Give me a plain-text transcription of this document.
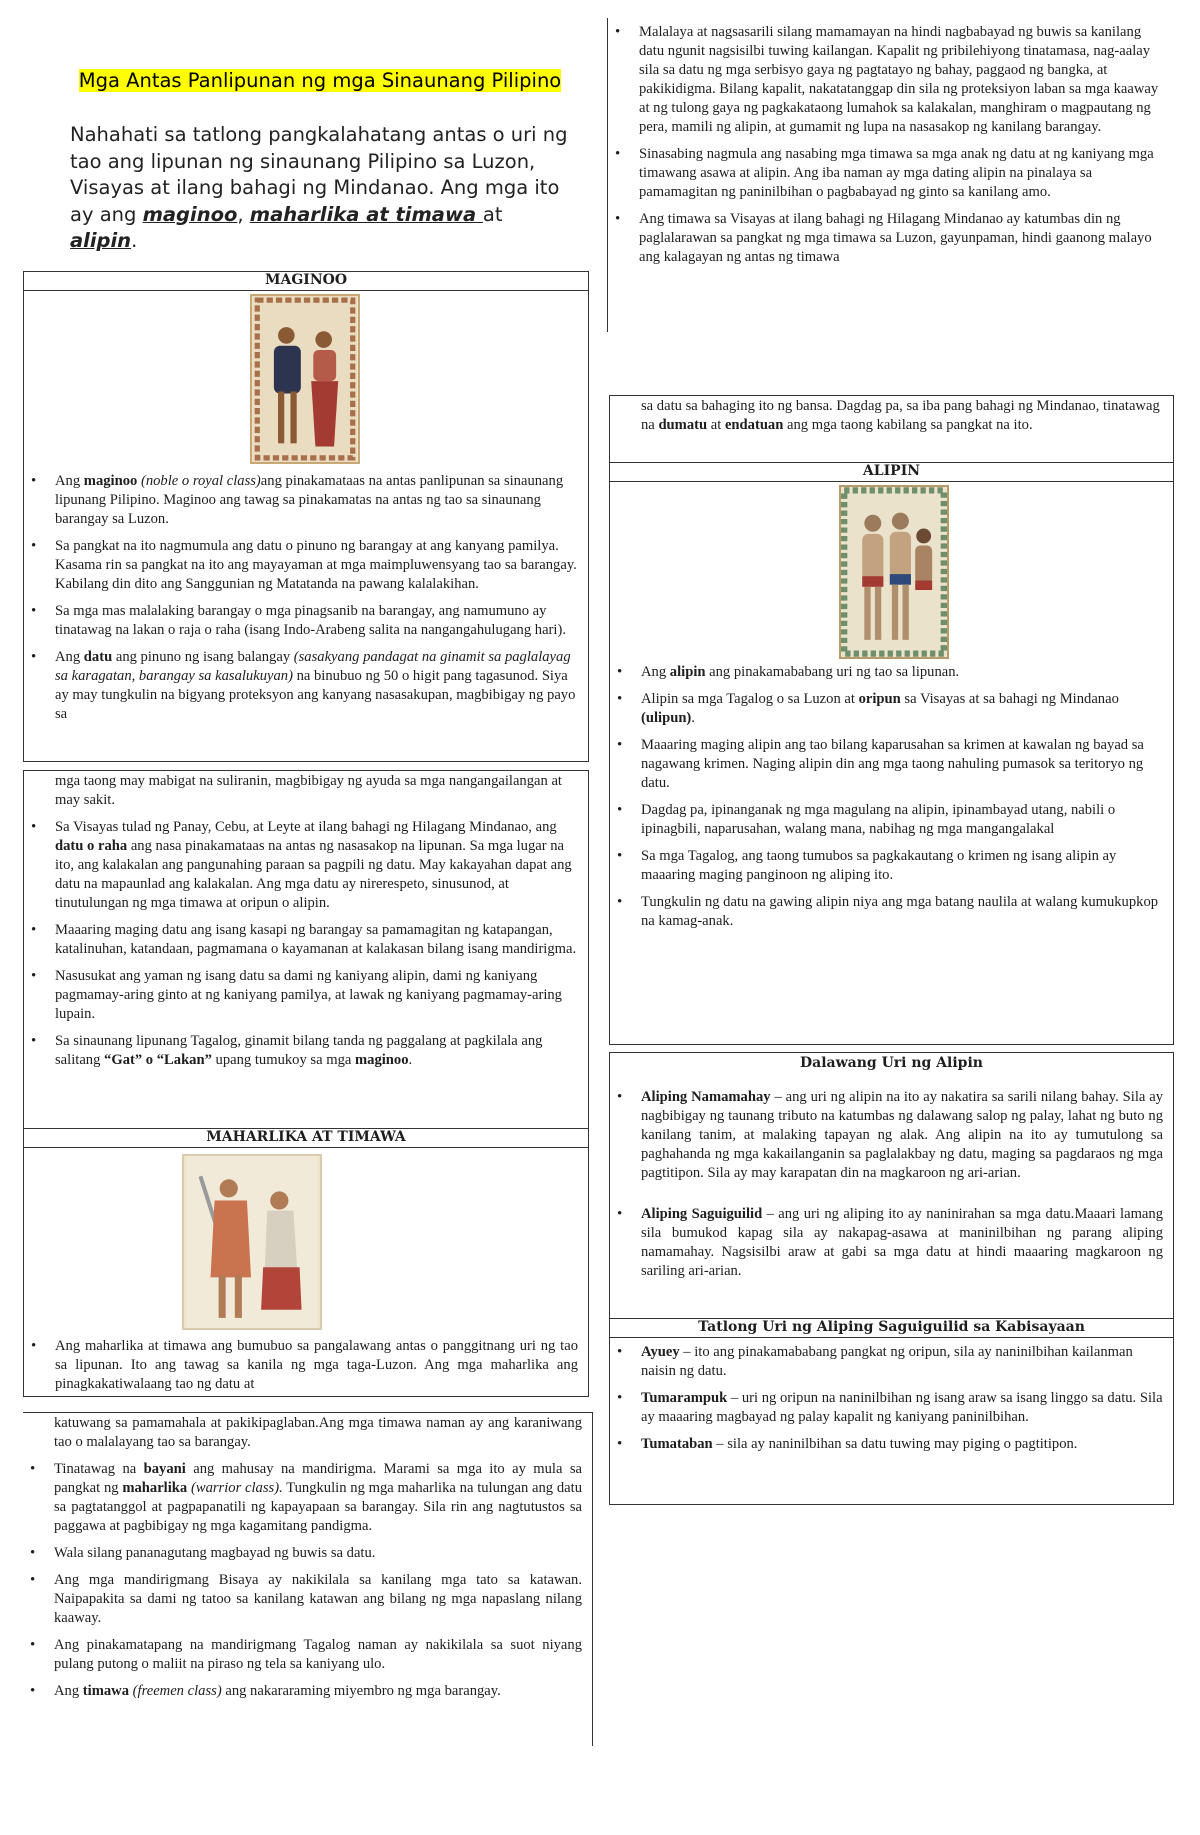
Mga Antas Panlipunan ng mga Sinaunang Pilipino
Nahahati sa tatlong pangkalahatang antas o uri ng tao ang lipunan ng sinaunang Pilipino sa Luzon, Visayas at ilang bahagi ng Mindanao. Ang mga ito ay ang maginoo, maharlika at timawa at alipin.
MAGINOO
• Ang maginoo (noble o royal class)ang pinakamataas na antas panlipunan sa sinaunang lipunang Pilipino. Maginoo ang tawag sa pinakamatas na antas ng tao sa sinaunang barangay sa Luzon.
• Sa pangkat na ito nagmumula ang datu o pinuno ng barangay at ang kanyang pamilya. Kasama rin sa pangkat na ito ang mayayaman at mga maimpluwensyang tao sa barangay. Kabilang din dito ang Sanggunian ng Matatanda na pawang kalalakihan.
• Sa mga mas malalaking barangay o mga pinagsanib na barangay, ang namumuno ay tinatawag na lakan o raja o raha (isang Indo-Arabeng salita na nangangahulugang hari).
• Ang datu ang pinuno ng isang balangay (sasakyang pandagat na ginamit sa paglalayag sa karagatan, barangay sa kasalukuyan) na binubuo ng 50 o higit pang tagasunod. Siya ay may tungkulin na bigyang proteksyon ang kanyang nasasakupan, magbibigay ng payo sa
mga taong may mabigat na suliranin, magbibigay ng ayuda sa mga nangangailangan at may sakit.
• Sa Visayas tulad ng Panay, Cebu, at Leyte at ilang bahagi ng Hilagang Mindanao, ang datu o raha ang nasa pinakamataas na antas ng nasasakop na lipunan. Sa mga lugar na ito, ang kalakalan ang pangunahing paraan sa pagpili ng datu. May kakayahan dapat ang datu na mapaunlad ang kalakalan. Ang mga datu ay nirerespeto, sinusunod, at tinutulungan ng mga timawa at oripun o alipin.
• Maaaring maging datu ang isang kasapi ng barangay sa pamamagitan ng katapangan, katalinuhan, katandaan, pagmamana o kayamanan at kalakasan bilang isang mandirigma.
• Nasusukat ang yaman ng isang datu sa dami ng kaniyang alipin, dami ng kaniyang pagmamay-aring ginto at ng kaniyang pamilya, at lawak ng kaniyang pagmamay-aring lupain.
• Sa sinaunang lipunang Tagalog, ginamit bilang tanda ng paggalang at pagkilala ang salitang “Gat” o “Lakan” upang tumukoy sa mga maginoo.
MAHARLIKA AT TIMAWA
• Ang maharlika at timawa ang bumubuo sa pangalawang antas o panggitnang uri ng tao sa lipunan. Ito ang tawag sa kanila ng mga taga-Luzon. Ang mga maharlika ang pinagkakatiwalaang tao ng datu at
katuwang sa pamamahala at pakikipaglaban.Ang mga timawa naman ay ang karaniwang tao o malalayang tao sa barangay.
• Tinatawag na bayani ang mahusay na mandirigma. Marami sa mga ito ay mula sa pangkat ng maharlika (warrior class). Tungkulin ng mga maharlika na tulungan ang datu sa pagtatanggol at pagpapanatili ng kapayapaan sa barangay. Sila rin ang nagtutustos sa paggawa at pagbibigay ng mga kagamitang pandigma.
• Wala silang pananagutang magbayad ng buwis sa datu.
• Ang mga mandirigmang Bisaya ay nakikilala sa kanilang mga tato sa katawan. Naipapakita sa dami ng tatoo sa kanilang katawan ang bilang ng mga napaslang nilang kaaway.
• Ang pinakamatapang na mandirigmang Tagalog naman ay nakikilala sa suot niyang pulang putong o maliit na piraso ng tela sa kaniyang ulo.
• Ang timawa (freemen class) ang nakararaming miyembro ng mga barangay.
• Malalaya at nagsasarili silang mamamayan na hindi nagbabayad ng buwis sa kanilang datu ngunit nagsisilbi tuwing kailangan. Kapalit ng pribilehiyong tinatamasa, nag-aalay sila sa datu ng mga serbisyo gaya ng pagtatayo ng bahay, paggaod ng bangka, at pakikidigma. Bilang kapalit, nakatatanggap din sila ng proteksiyon laban sa mga kaaway at ng tulong gaya ng pagkakataong lumahok sa kalakalan, manghiram o magpautang ng pera, mamili ng alipin, at gumamit ng lupa na nasasakop ng kanilang barangay.
• Sinasabing nagmula ang nasabing mga timawa sa mga anak ng datu at ng kaniyang mga timawang asawa at alipin. Ang iba naman ay mga dating alipin na pinalaya sa pamamagitan ng paninilbihan o pagbabayad ng ginto sa kanilang amo.
• Ang timawa sa Visayas at ilang bahagi ng Hilagang Mindanao ay katumbas din ng paglalarawan sa pangkat ng mga timawa sa Luzon, gayunpaman, hindi gaanong malayo ang kalagayan ng antas ng timawa
sa datu sa bahaging ito ng bansa. Dagdag pa, sa iba pang bahagi ng Mindanao, tinatawag na dumatu at endatuan ang mga taong kabilang sa pangkat na ito.
ALIPIN
• Ang alipin ang pinakamababang uri ng tao sa lipunan.
• Alipin sa mga Tagalog o sa Luzon at oripun sa Visayas at sa bahagi ng Mindanao (ulipun).
• Maaaring maging alipin ang tao bilang kaparusahan sa krimen at kawalan ng bayad sa nagawang krimen. Naging alipin din ang mga taong nahuling pumasok sa teritoryo ng datu.
• Dagdag pa, ipinanganak ng mga magulang na alipin, ipinambayad utang, nabili o ipinagbili, naparusahan, walang mana, nabihag ng mga mangangalakal
• Sa mga Tagalog, ang taong tumubos sa pagkakautang o krimen ng isang alipin ay maaaring maging panginoon ng aliping ito.
• Tungkulin ng datu na gawing alipin niya ang mga batang naulila at walang kumukupkop na kamag-anak.
Dalawang Uri ng Alipin
• Aliping Namamahay – ang uri ng alipin na ito ay nakatira sa sarili nilang bahay. Sila ay nagbibigay ng taunang tributo na katumbas ng dalawang salop ng palay, lahat ng buto ng kanilang tanim, at malaking tapayan ng alak. Ang alipin na ito ay tumutulong sa paghahanda ng mga kakailanganin sa paglalakbay ng datu, maging sa pagdaraos ng mga pagtitipon. Sila ay may karapatan din na magkaroon ng ari-arian.
• Aliping Saguiguilid – ang uri ng aliping ito ay naninirahan sa mga datu.Maaari lamang sila bumukod kapag sila ay nakapag-asawa at maninilbihan ng parang aliping namamahay. Nagsisilbi araw at gabi sa mga datu at hindi maaaring magkaroon ng sariling ari-arian.
Tatlong Uri ng Aliping Saguiguilid sa Kabisayaan
• Ayuey – ito ang pinakamababang pangkat ng oripun, sila ay naninilbihan kailanman naisin ng datu.
• Tumarampuk – uri ng oripun na naninilbihan ng isang araw sa isang linggo sa datu. Sila ay maaaring magbayad ng palay kapalit ng kaniyang paninilbihan.
• Tumataban – sila ay naninilbihan sa datu tuwing may piging o pagtitipon.
